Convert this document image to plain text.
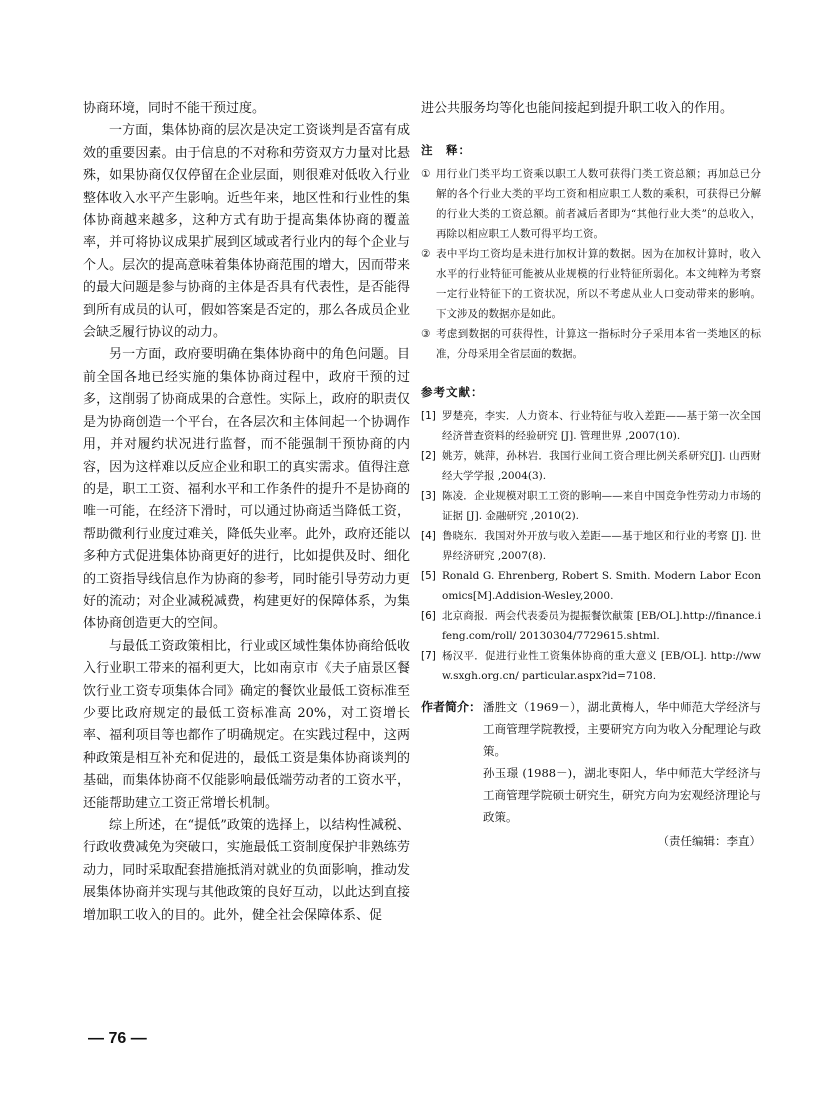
协商环境，同时不能干预过度。

一方面，集体协商的层次是决定工资谈判是否富有成效的重要因素。由于信息的不对称和劳资双方力量对比悬殊，如果协商仅仅停留在企业层面，则很难对低收入行业整体收入水平产生影响。近些年来，地区性和行业性的集体协商越来越多，这种方式有助于提高集体协商的覆盖率，并可将协议成果扩展到区域或者行业内的每个企业与个人。层次的提高意味着集体协商范围的增大，因而带来的最大问题是参与协商的主体是否具有代表性，是否能得到所有成员的认可，假如答案是否定的，那么各成员企业会缺乏履行协议的动力。

另一方面，政府要明确在集体协商中的角色问题。目前全国各地已经实施的集体协商过程中，政府干预的过多，这削弱了协商成果的合意性。实际上，政府的职责仅是为协商创造一个平台，在各层次和主体间起一个协调作用，并对履约状况进行监督，而不能强制干预协商的内容，因为这样难以反应企业和职工的真实需求。值得注意的是，职工工资、福利水平和工作条件的提升不是协商的唯一可能，在经济下滑时，可以通过协商适当降低工资，帮助微利行业度过难关，降低失业率。此外，政府还能以多种方式促进集体协商更好的进行，比如提供及时、细化的工资指导线信息作为协商的参考，同时能引导劳动力更好的流动；对企业减税减费，构建更好的保障体系，为集体协商创造更大的空间。

与最低工资政策相比，行业或区域性集体协商给低收入行业职工带来的福利更大，比如南京市《夫子庙景区餐饮行业工资专项集体合同》确定的餐饮业最低工资标准至少要比政府规定的最低工资标准高 20%，对工资增长率、福利项目等也都作了明确规定。在实践过程中，这两种政策是相互补充和促进的，最低工资是集体协商谈判的基础，而集体协商不仅能影响最低端劳动者的工资水平，还能帮助建立工资正常增长机制。

综上所述，在“提低”政策的选择上，以结构性减税、行政收费减免为突破口，实施最低工资制度保护非熟练劳动力，同时采取配套措施抵消对就业的负面影响，推动发展集体协商并实现与其他政策的良好互动，以此达到直接增加职工收入的目的。此外，健全社会保障体系、促

进公共服务均等化也能间接起到提升职工收入的作用。

注　释：

① 用行业门类平均工资乘以职工人数可获得门类工资总额；再加总已分解的各个行业大类的平均工资和相应职工人数的乘积，可获得已分解的行业大类的工资总额。前者减后者即为“其他行业大类”的总收入，再除以相应职工人数可得平均工资。
② 表中平均工资均是未进行加权计算的数据。因为在加权计算时，收入水平的行业特征可能被从业规模的行业特征所弱化。本文纯粹为考察一定行业特征下的工资状况，所以不考虑从业人口变动带来的影响。下文涉及的数据亦是如此。
③ 考虑到数据的可获得性，计算这一指标时分子采用本省一类地区的标准，分母采用全省层面的数据。

参考文献：

[1] 罗楚亮，李实．人力资本、行业特征与收入差距——基于第一次全国经济普查资料的经验研究 [J]. 管理世界 ,2007(10).
[2] 姚芳，姚萍，孙林岩．我国行业间工资合理比例关系研究[J]. 山西财经大学学报 ,2004(3).
[3] 陈凌．企业规模对职工工资的影响——来自中国竞争性劳动力市场的证据 [J]. 金融研究 ,2010(2).
[4] 鲁晓东．我国对外开放与收入差距——基于地区和行业的考察 [J]. 世界经济研究 ,2007(8).
[5] Ronald G. Ehrenberg, Robert S. Smith. Modern Labor Economics[M].Addision-Wesley,2000.
[6] 北京商报．两会代表委员为提振餐饮献策 [EB/OL].http://finance.ifeng.com/roll/ 20130304/7729615.shtml.
[7] 杨汉平．促进行业性工资集体协商的重大意义 [EB/OL]. http://www.sxgh.org.cn/ particular.aspx?id=7108.
作者简介： 潘胜文（1969－），湖北黄梅人，华中师范大学经济与工商管理学院教授，主要研究方向为收入分配理论与政策。

孙玉璟 (1988－)，湖北枣阳人，华中师范大学经济与工商管理学院硕士研究生，研究方向为宏观经济理论与政策。

（责任编辑：李直）
— 76 —
